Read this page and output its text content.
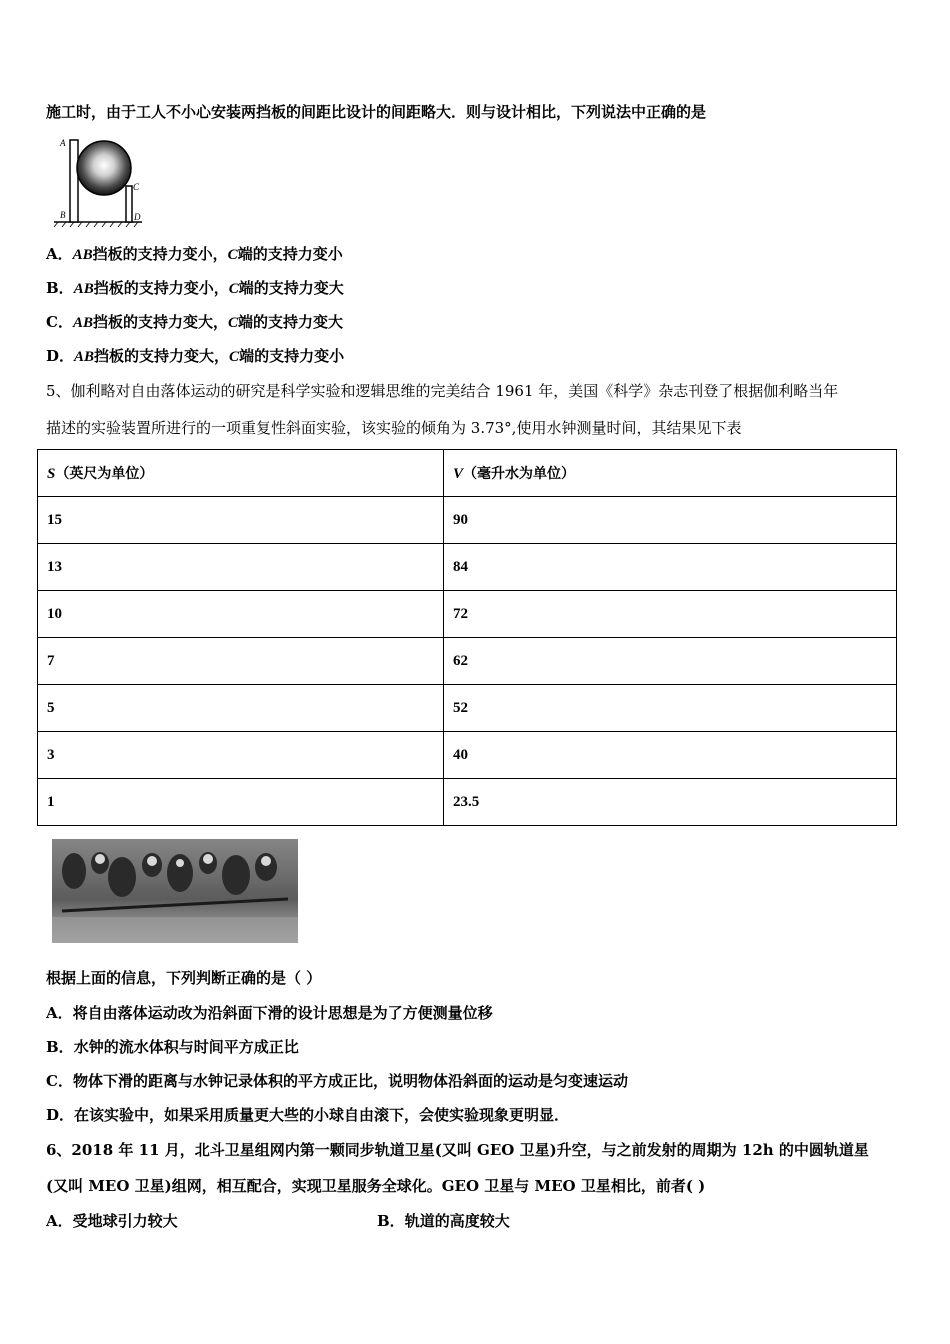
施工时，由于工人不小心安装两挡板的间距比设计的间距略大．则与设计相比，下列说法中正确的是
A
B
C
D
A．AB挡板的支持力变小，C端的支持力变小
B．AB挡板的支持力变小，C端的支持力变大
C．AB挡板的支持力变大，C端的支持力变大
D．AB挡板的支持力变大，C端的支持力变小
5、伽利略对自由落体运动的研究是科学实验和逻辑思维的完美结合 1961 年，美国《科学》杂志刊登了根据伽利略当年
描述的实验装置所进行的一项重复性斜面实验，该实验的倾角为 3.73°,使用水钟测量时间，其结果见下表
S（英尺为单位）	V（毫升水为单位）
15	90
13	84
10	72
7	62
5	52
3	40
1	23.5
根据上面的信息，下列判断正确的是（ ）
A．将自由落体运动改为沿斜面下滑的设计思想是为了方便测量位移
B．水钟的流水体积与时间平方成正比
C．物体下滑的距离与水钟记录体积的平方成正比，说明物体沿斜面的运动是匀变速运动
D．在该实验中，如果采用质量更大些的小球自由滚下，会使实验现象更明显．
6、2018 年 11 月，北斗卫星组网内第一颗同步轨道卫星(又叫 GEO 卫星)升空，与之前发射的周期为 12h 的中圆轨道星
(又叫 MEO 卫星)组网，相互配合，实现卫星服务全球化。GEO 卫星与 MEO 卫星相比，前者( )
A．受地球引力较大	B．轨道的高度较大
